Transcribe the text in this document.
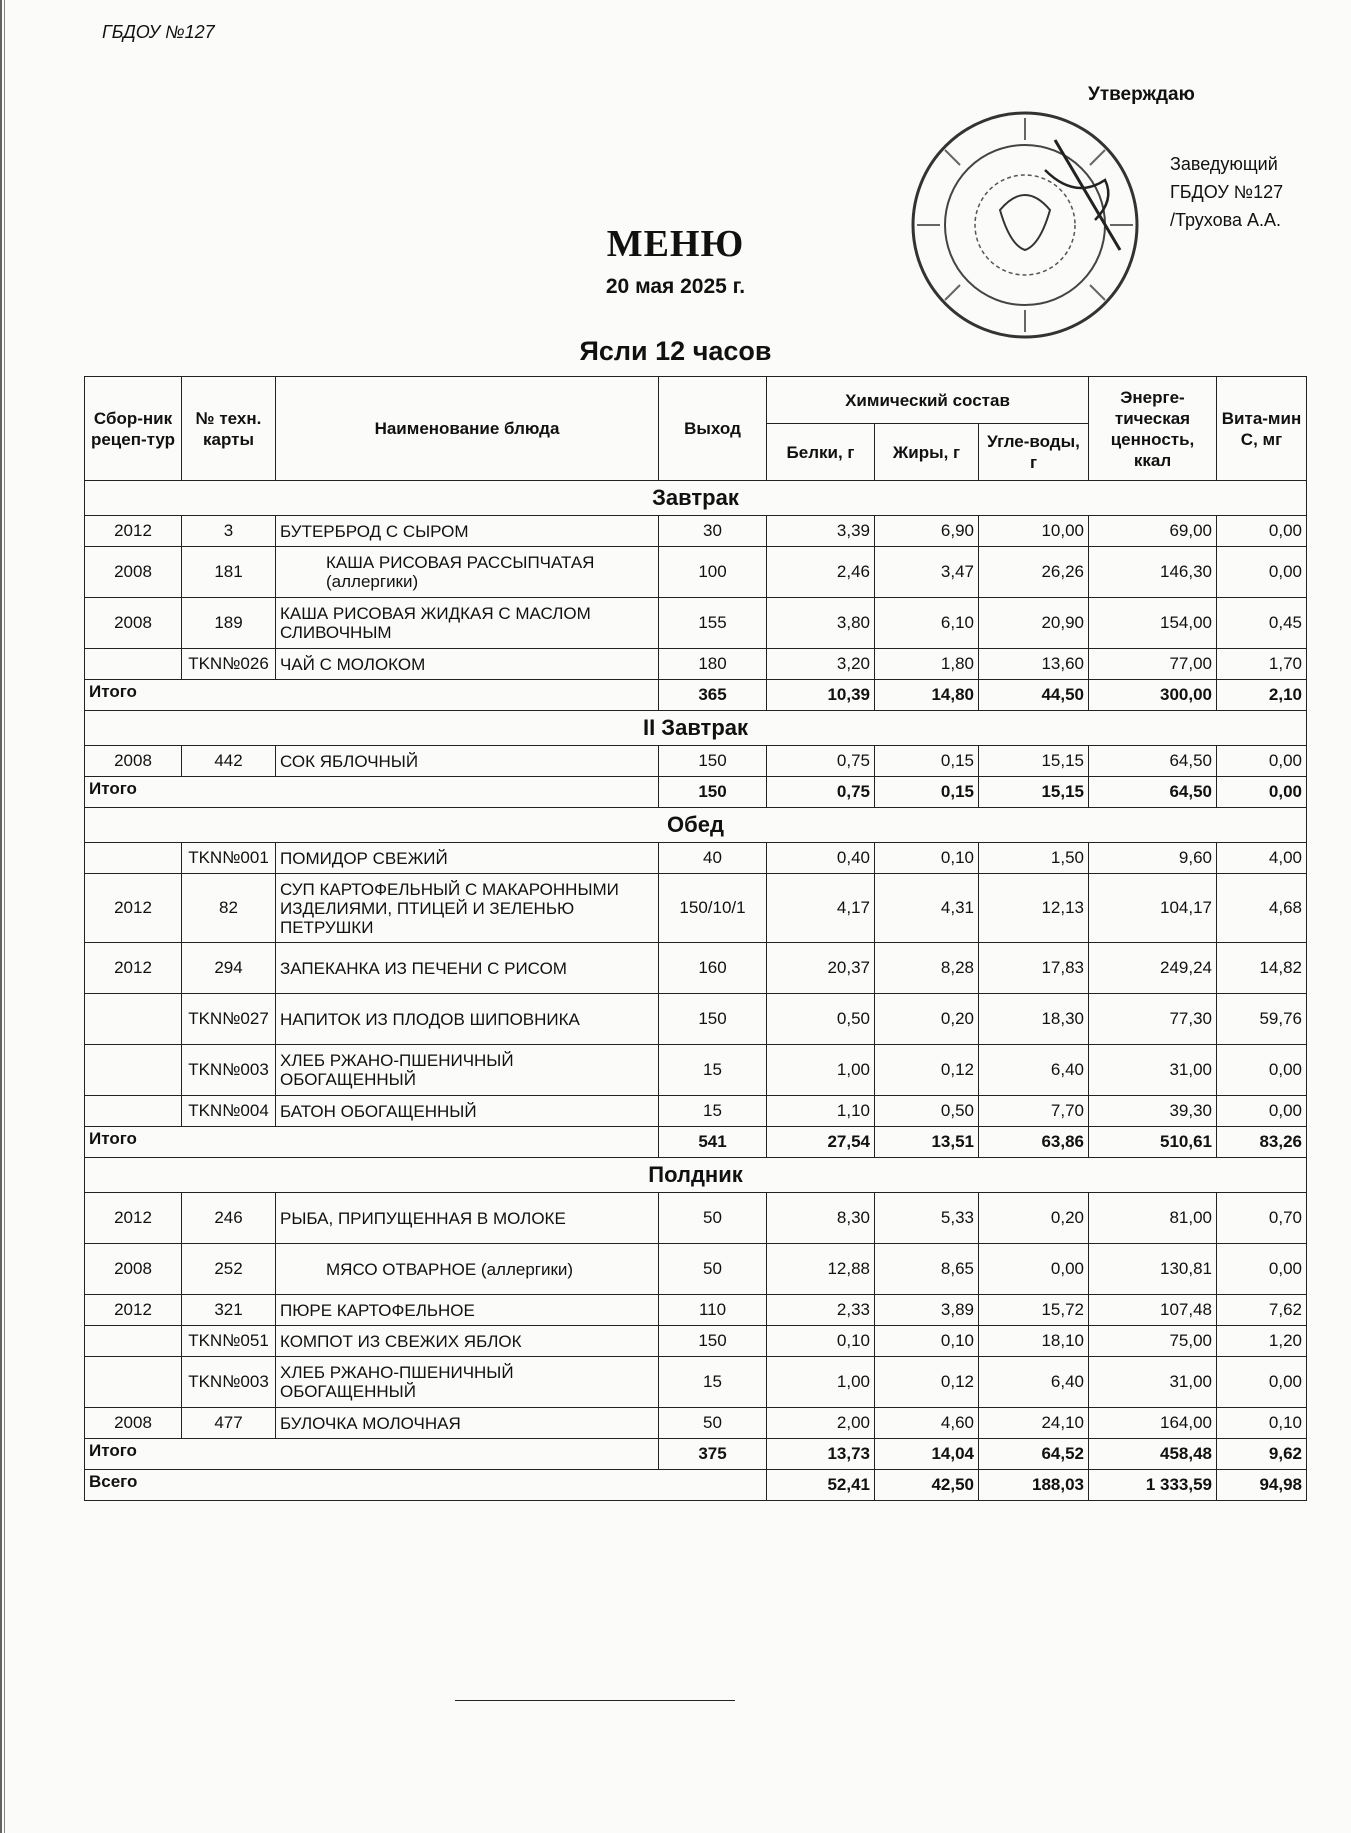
ГБДОУ №127
Утверждаю
Заведующий
ГБДОУ №127
/Трухова А.А.
МЕНЮ
20 мая 2025 г.
Ясли 12 часов
Сбор-ник рецеп-тур	№ техн. карты	Наименование блюда	Выход	Химический состав			Энерге-тическая ценность, ккал	Вита-мин С, мг
				Белки, г	Жиры, г	Угле-воды, г		
Завтрак								
2012	3	БУТЕРБРОД С СЫРОМ	30	3,39	6,90	10,00	69,00	0,00
2008	181	КАША РИСОВАЯ РАССЫПЧАТАЯ (аллергики)	100	2,46	3,47	26,26	146,30	0,00
2008	189	КАША РИСОВАЯ ЖИДКАЯ С МАСЛОМ СЛИВОЧНЫМ	155	3,80	6,10	20,90	154,00	0,45
	TKN№026	ЧАЙ С МОЛОКОМ	180	3,20	1,80	13,60	77,00	1,70
Итого			365	10,39	14,80	44,50	300,00	2,10
II Завтрак								
2008	442	СОК ЯБЛОЧНЫЙ	150	0,75	0,15	15,15	64,50	0,00
Итого			150	0,75	0,15	15,15	64,50	0,00
Обед								
	TKN№001	ПОМИДОР СВЕЖИЙ	40	0,40	0,10	1,50	9,60	4,00
2012	82	СУП КАРТОФЕЛЬНЫЙ С МАКАРОННЫМИ ИЗДЕЛИЯМИ, ПТИЦЕЙ И ЗЕЛЕНЬЮ ПЕТРУШКИ	150/10/1	4,17	4,31	12,13	104,17	4,68
2012	294	ЗАПЕКАНКА ИЗ ПЕЧЕНИ С РИСОМ	160	20,37	8,28	17,83	249,24	14,82
	TKN№027	НАПИТОК ИЗ ПЛОДОВ ШИПОВНИКА	150	0,50	0,20	18,30	77,30	59,76
	TKN№003	ХЛЕБ РЖАНО-ПШЕНИЧНЫЙ ОБОГАЩЕННЫЙ	15	1,00	0,12	6,40	31,00	0,00
	TKN№004	БАТОН ОБОГАЩЕННЫЙ	15	1,10	0,50	7,70	39,30	0,00
Итого			541	27,54	13,51	63,86	510,61	83,26
Полдник								
2012	246	РЫБА, ПРИПУЩЕННАЯ В МОЛОКЕ	50	8,30	5,33	0,20	81,00	0,70
2008	252	МЯСО ОТВАРНОЕ (аллергики)	50	12,88	8,65	0,00	130,81	0,00
2012	321	ПЮРЕ КАРТОФЕЛЬНОЕ	110	2,33	3,89	15,72	107,48	7,62
	TKN№051	КОМПОТ ИЗ СВЕЖИХ ЯБЛОК	150	0,10	0,10	18,10	75,00	1,20
	TKN№003	ХЛЕБ РЖАНО-ПШЕНИЧНЫЙ ОБОГАЩЕННЫЙ	15	1,00	0,12	6,40	31,00	0,00
2008	477	БУЛОЧКА МОЛОЧНАЯ	50	2,00	4,60	24,10	164,00	0,10
Итого			375	13,73	14,04	64,52	458,48	9,62
Всего				52,41	42,50	188,03	1 333,59	94,98
